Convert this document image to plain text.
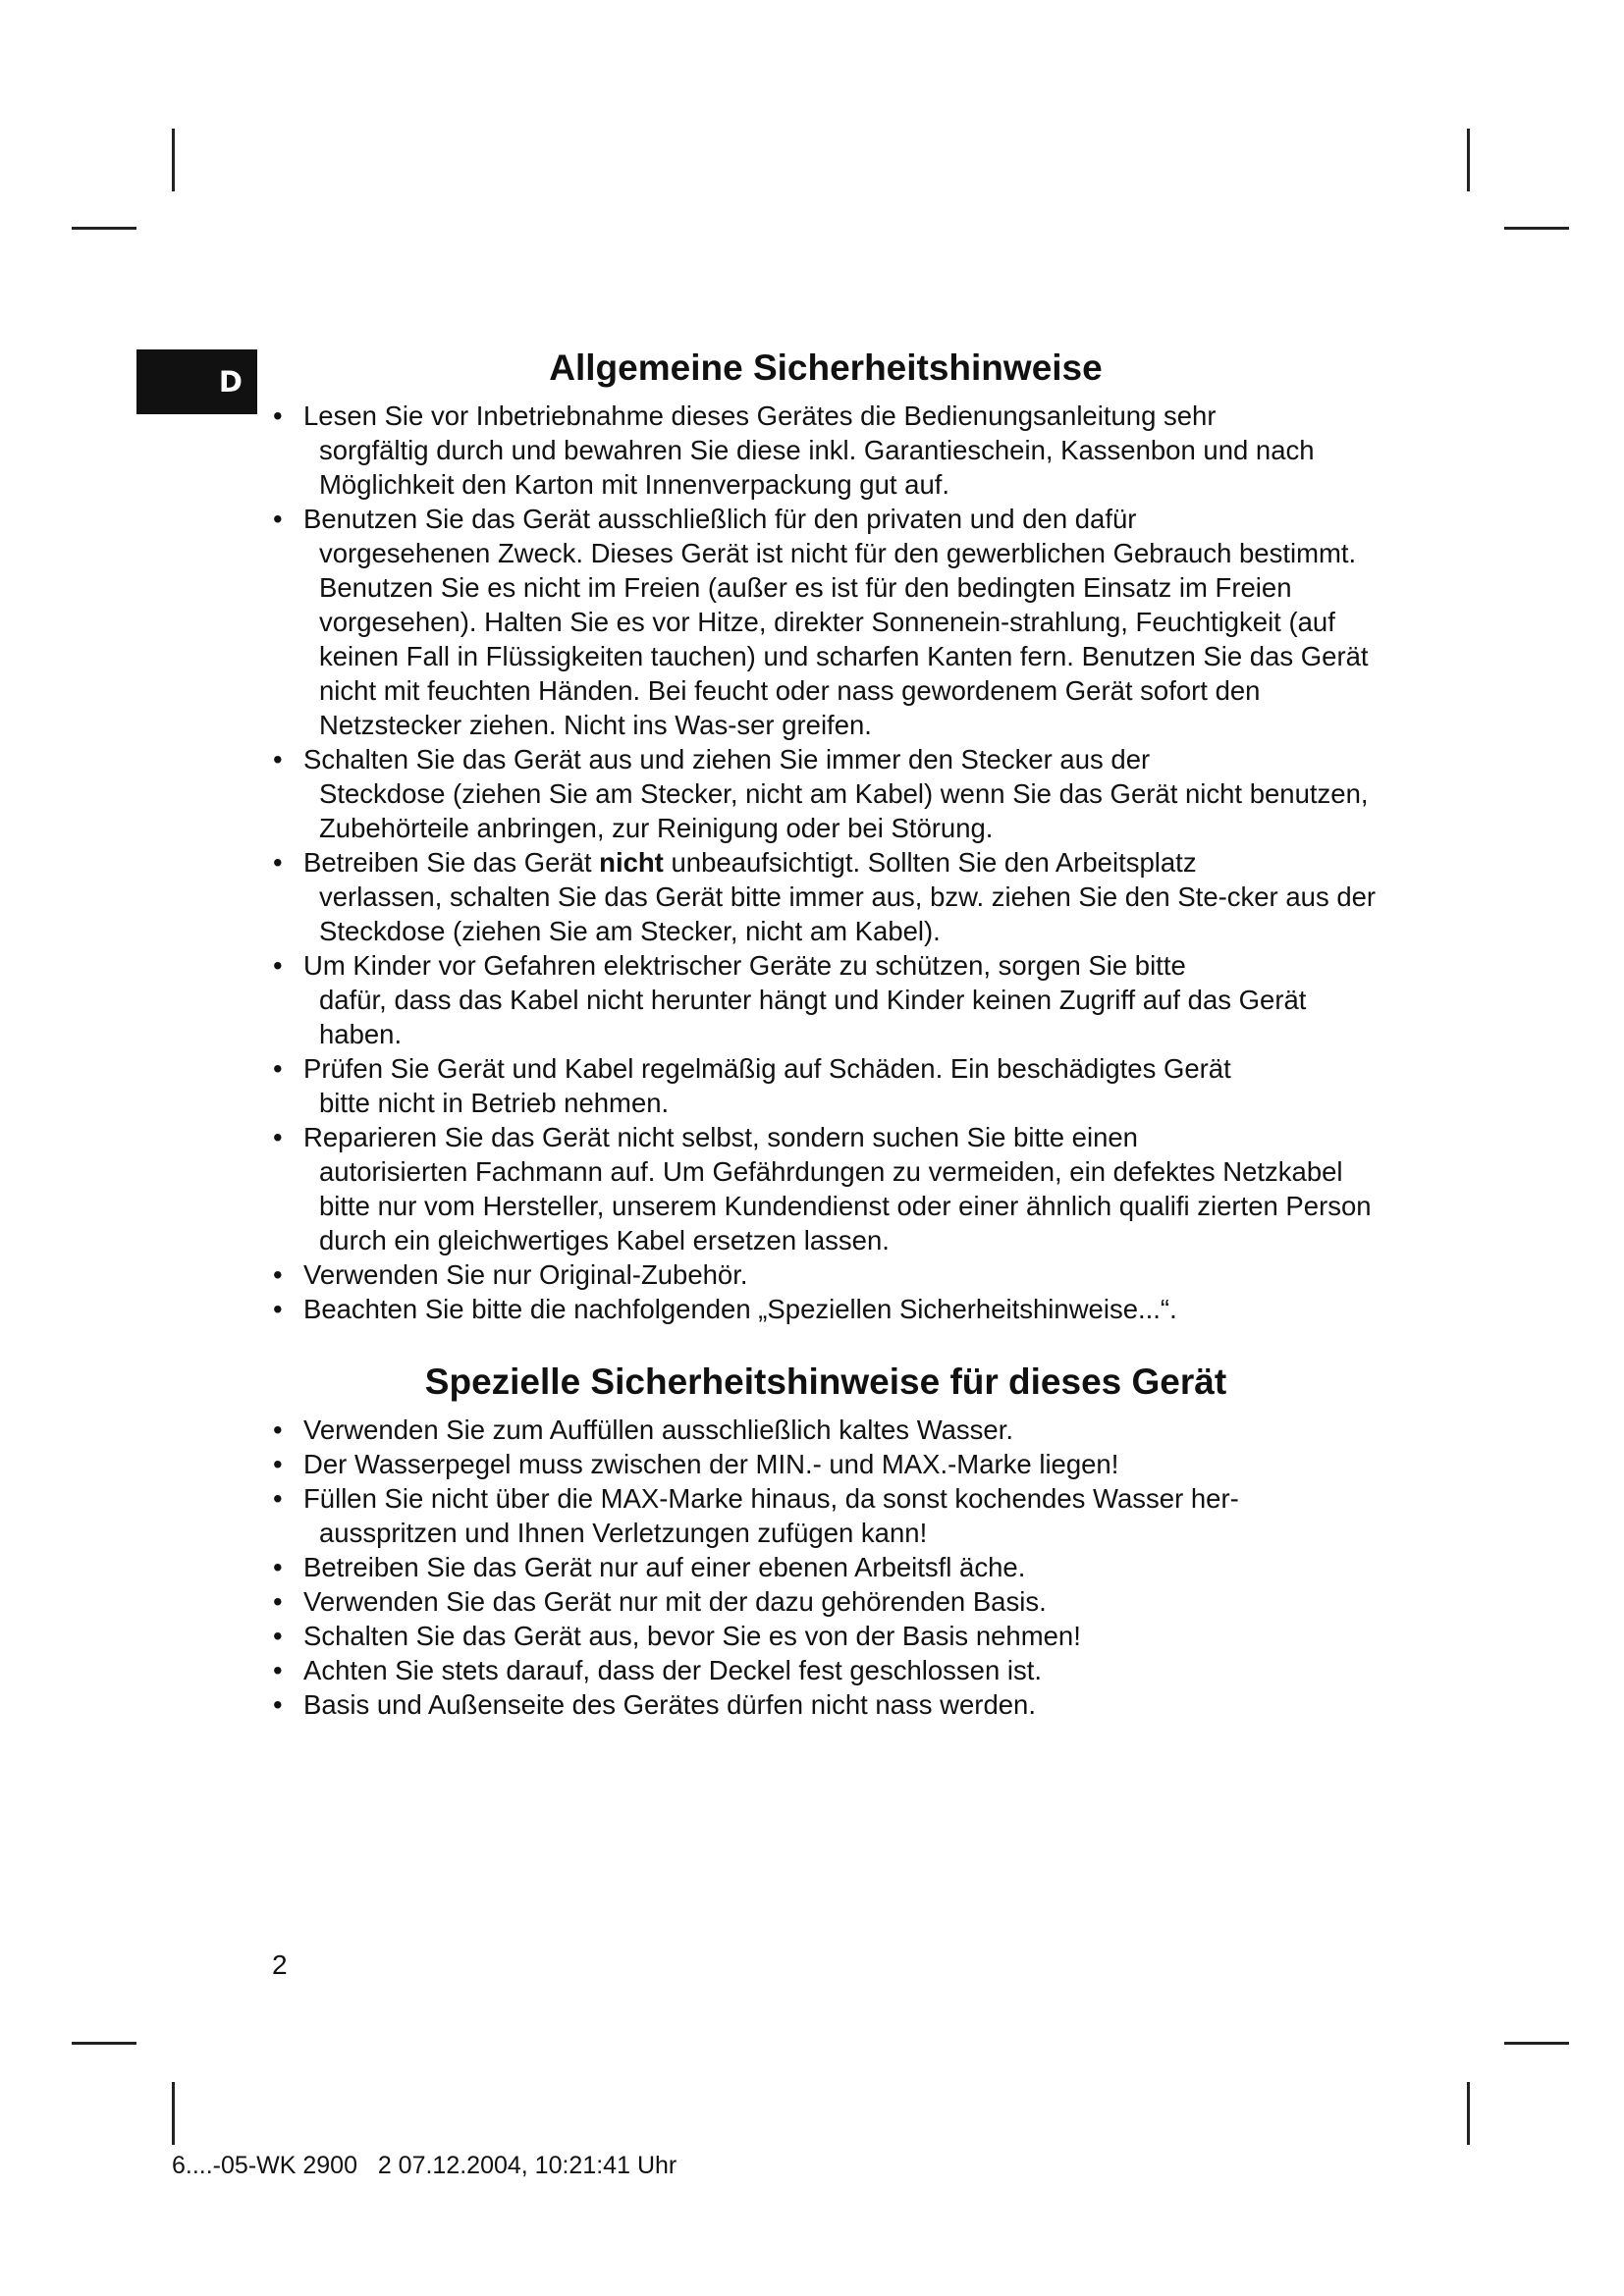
D	Allgemeine Sicherheitshinweise
• Lesen Sie vor Inbetriebnahme dieses Gerätes die Bedienungsanleitung sehr
sorgfältig durch und bewahren Sie diese inkl. Garantieschein, Kassenbon und nach Möglichkeit den Karton mit Innenverpackung gut auf.
• Benutzen Sie das Gerät ausschließlich für den privaten und den dafür
vorgesehenen Zweck. Dieses Gerät ist nicht für den gewerblichen Gebrauch bestimmt. Benutzen Sie es nicht im Freien (außer es ist für den bedingten Einsatz im Freien vorgesehen). Halten Sie es vor Hitze, direkter Sonnenein-strahlung, Feuchtigkeit (auf keinen Fall in Flüssigkeiten tauchen) und scharfen Kanten fern. Benutzen Sie das Gerät nicht mit feuchten Händen. Bei feucht oder nass gewordenem Gerät sofort den Netzstecker ziehen. Nicht ins Was-ser greifen.
• Schalten Sie das Gerät aus und ziehen Sie immer den Stecker aus der
Steckdose (ziehen Sie am Stecker, nicht am Kabel) wenn Sie das Gerät nicht benutzen, Zubehörteile anbringen, zur Reinigung oder bei Störung.
• Betreiben Sie das Gerät nicht unbeaufsichtigt. Sollten Sie den Arbeitsplatz
verlassen, schalten Sie das Gerät bitte immer aus, bzw. ziehen Sie den Ste-cker aus der Steckdose (ziehen Sie am Stecker, nicht am Kabel).
• Um Kinder vor Gefahren elektrischer Geräte zu schützen, sorgen Sie bitte
dafür, dass das Kabel nicht herunter hängt und Kinder keinen Zugriff auf das Gerät haben.
• Prüfen Sie Gerät und Kabel regelmäßig auf Schäden. Ein beschädigtes Gerät
bitte nicht in Betrieb nehmen.
• Reparieren Sie das Gerät nicht selbst, sondern suchen Sie bitte einen
autorisierten Fachmann auf. Um Gefährdungen zu vermeiden, ein defektes Netzkabel bitte nur vom Hersteller, unserem Kundendienst oder einer ähnlich qualifi zierten Person durch ein gleichwertiges Kabel ersetzen lassen.
• Verwenden Sie nur Original-Zubehör.
• Beachten Sie bitte die nachfolgenden „Speziellen Sicherheitshinweise...“.
Spezielle Sicherheitshinweise für dieses Gerät
• Verwenden Sie zum Auffüllen ausschließlich kaltes Wasser.
• Der Wasserpegel muss zwischen der MIN.- und MAX.-Marke liegen!
• Füllen Sie nicht über die MAX-Marke hinaus, da sonst kochendes Wasser her-
ausspritzen und Ihnen Verletzungen zufügen kann!
• Betreiben Sie das Gerät nur auf einer ebenen Arbeitsfl äche.
• Verwenden Sie das Gerät nur mit der dazu gehörenden Basis.
• Schalten Sie das Gerät aus, bevor Sie es von der Basis nehmen!
• Achten Sie stets darauf, dass der Deckel fest geschlossen ist.
• Basis und Außenseite des Gerätes dürfen nicht nass werden.
2
6....-05-WK 2900   2 07.12.2004, 10:21:41 Uhr
